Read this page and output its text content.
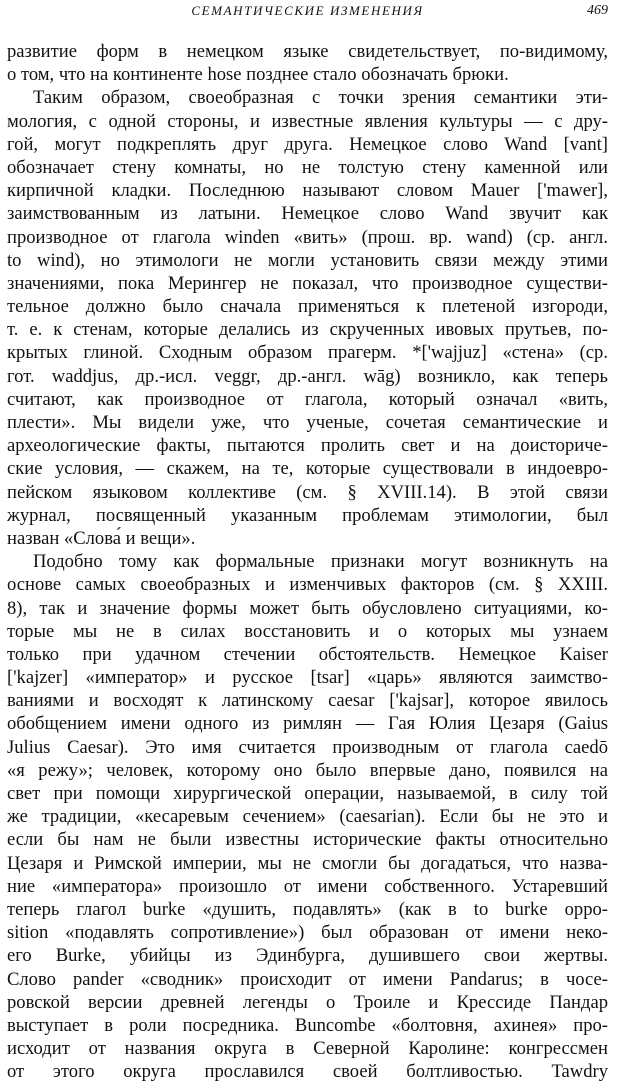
СЕМАНТИЧЕСКИЕ ИЗМЕНЕНИЯ	469
развитие форм в немецком языке свидетельствует, по-видимому,
о том, что на континенте hose позднее стало обозначать брюки.
Таким образом, своеобразная с точки зрения семантики эти-
мология, с одной стороны, и известные явления культуры — с дру-
гой, могут подкреплять друг друга. Немецкое слово Wand [vant]
обозначает стену комнаты, но не толстую стену каменной или
кирпичной кладки. Последнюю называют словом Mauer ['mawer],
заимствованным из латыни. Немецкое слово Wand звучит как
производное от глагола winden «вить» (прош. вр. wand) (ср. англ.
to wind), но этимологи не могли установить связи между этими
значениями, пока Мерингер не показал, что производное существи-
тельное должно было сначала применяться к плетеной изгороди,
т. е. к стенам, которые делались из скрученных ивовых прутьев, по-
крытых глиной. Сходным образом прагерм. *['wajjuz] «стена» (ср.
гот. waddjus, др.-исл. veggr, др.-англ. wāg) возникло, как теперь
считают, как производное от глагола, который означал «вить,
плести». Мы видели уже, что ученые, сочетая семантические и
археологические факты, пытаются пролить свет и на доисториче-
ские условия, — скажем, на те, которые существовали в индоевро-
пейском языковом коллективе (см. § XVIII.14). В этой связи
журнал, посвященный указанным проблемам этимологии, был
назван «Слова́ и вещи».
Подобно тому как формальные признаки могут возникнуть на
основе самых своеобразных и изменчивых факторов (см. § XXIII.
8), так и значение формы может быть обусловлено ситуациями, ко-
торые мы не в силах восстановить и о которых мы узнаем
только при удачном стечении обстоятельств. Немецкое Kaiser
['kajzer] «император» и русское [tsar] «царь» являются заимство-
ваниями и восходят к латинскому caesar ['kajsar], которое явилось
обобщением имени одного из римлян — Гая Юлия Цезаря (Gaius
Julius Caesar). Это имя считается производным от глагола caedō
«я режу»; человек, которому оно было впервые дано, появился на
свет при помощи хирургической операции, называемой, в силу той
же традиции, «кесаревым сечением» (caesarian). Если бы не это и
если бы нам не были известны исторические факты относительно
Цезаря и Римской империи, мы не смогли бы догадаться, что назва-
ние «императора» произошло от имени собственного. Устаревший
теперь глагол burke «душить, подавлять» (как в to burke oppo-
sition «подавлять сопротивление») был образован от имени неко-
его Burke, убийцы из Эдинбурга, душившего свои жертвы.
Слово pander «сводник» происходит от имени Pandarus; в чосе-
ровской версии древней легенды о Троиле и Крессиде Пандар
выступает в роли посредника. Buncombe «болтовня, ахинея» про-
исходит от названия округа в Северной Каролине: конгрессмен
от этого округа прославился своей болтливостью. Tawdry
